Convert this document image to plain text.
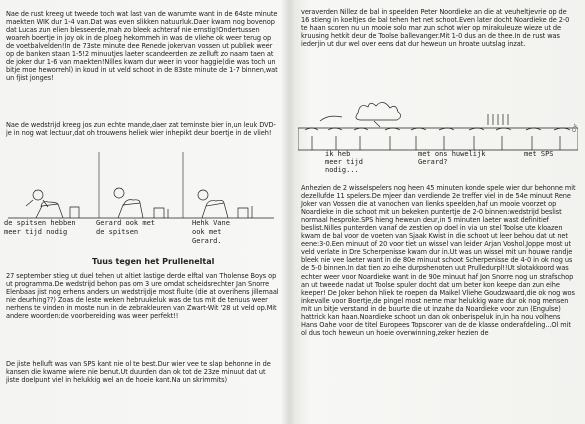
Nae de rust kreeg ut tweede toch wat last van de warumte want in de 64ste minute maekten WIK dur 1-4 van.Dat was even slikken natuurluk.Daer kwam nog bovenop dat Lucas zun elien blesseerde,mah zo bleek achteraf nie ernstig!Ondertussen woareh boertje in joy ok in de ploeg hekommeh in was de vliehe ok weer terug op de voetbalvelden!In de 73ste minute dee Renede jokervan vossen ut publiek weer op de banken staan 1-5!2 minuutjes laeter scandeerden ze zelluft zo naam taen at de joker dur 1-6 van maekten!Nilles kwam dur weer in voor haggie(die was toch un bitje moe heworrehl) in koud in ut veld schoot in de 83ste minute de 1-7 binnen,wat un fjist jonges!
Nae de wedstrijd kreeg jos zun echte mande,daer zat teminste bier in,un leuk DVD-je in nog wat lectuur,dat oh trouwens heliek wier inhepikt deur boertje in de vlieh!
de spitsen hebben
meer tijd nodig
Gerard ook met
de spitsen
Hehk Vane
ook met
Gerard.
Tuus tegen het Prulleneltal
27 september stieg ut duel tehen ut altiet lastige derde elftal van Tholense Boys op ut programma.De wedstrijd behon pas om 3 ure omdat scheidsrechter Jan Snorre Elenbaas jist nog erhens anders un wedstrijdje most fluite (die at overihens jillemaal nie deurhing??) Zoas de leste weken hebruukeluk was de tus mit de tenuus weer nerhens te vinden in moste nun in de zebrakleuren van Zwart-Wit '28 ut veld op.Mit andere woorden:de voorbereiding was weer perfekt!!
De jiste helluft was van SPS kant nie ol te best.Dur wier vee te slap behonne in de kansen die kwame wiere nie benut.Ut duurden dan ok tot de 23ze minuut dat ut jiste doelpunt viel in helukkig wel an de hoeie kant.Na un skrimmits)
veraverden Nillez de bal in speelden Peter Noordieke an die at veuheltjevrie op de 16 stieng in koeltjes de bal tehen het net schoot.Even later docht Noardieke de 2-0 te haan scoren nu un mooie solo mar zun schot wier op mirakuleuze wieze ut de kruusing hetkit deur de Toolse ballevanger.Mit 1-0 dus an de thee.In de rust was iederjin ut dur wel over eens dat dur heweun un hroate uutslag inzat.
ik heb
meer tijd
nodig...
met ons huwelijk
Gerard?
met SPS
Cor
Anhezien de 2 wisselspelers nog heen 45 minuten konde spele wier dur behonne mit dezellufde 11 spelers.De mjeer dan verdiende 2e treffer viel in de 54e minuut Rene Joker van Vossen die at vanochen van lienks speelden,haf un mooie voorzet op Noardieke in die schoot mit un bekeken puntertje de 2-0 binnen:wedstrijd beslist normaal hesproke.SPS hieng heweun deur,in 5 minuten laeter wast definitief beslist.Nilles punterden vanaf de zestien op doel in via un stel Toolse ute kloazen kwam de bal voor de voeten van Sjaak Kwist in die schoot ut leer behou dat ut net eene:3-0.Een minuut of 20 voor tiet un wissel van leider Arjan Voshol.Joppe most ut veld verlate in Dre Scherpenisse kwam dur in.Ut was un wissel mit un houwe randje bleek nie vee laeter want in de 80e minuut schoot Scherpenisse de 4-0 in ok nog us de 5-0 binnen.In dat tien zo eihe durpshenoten uut Prulledurpl!!Ut slotakkoord was echter weer voor Noardieke want in de 90e minuut haf Jon Snorre nog un strafschop an ut tweede nadat ut Toolse spuler docht dat um beter kon keepe dan zun eihe keeper! De Joker behon hliek te roepen da Maikel Vliehe Goudzwaard,die ok nog wos inkevalle voor Boertje,de pingel most neme mar helukkig ware dur ok nog mensen mit un bitje verstand in de buurte die ut inzahe da Noardieke voor zun (Engulse) hattrick kan haan.Noardieke schoot un dan ok onberispeluk in,in ha nou volhens Hans Oahe voor de titel Europees Topscorer van de de klasse onderafdeling...Ol mit ol dus toch heweun un hoeie overwinning,zeker hezien de
